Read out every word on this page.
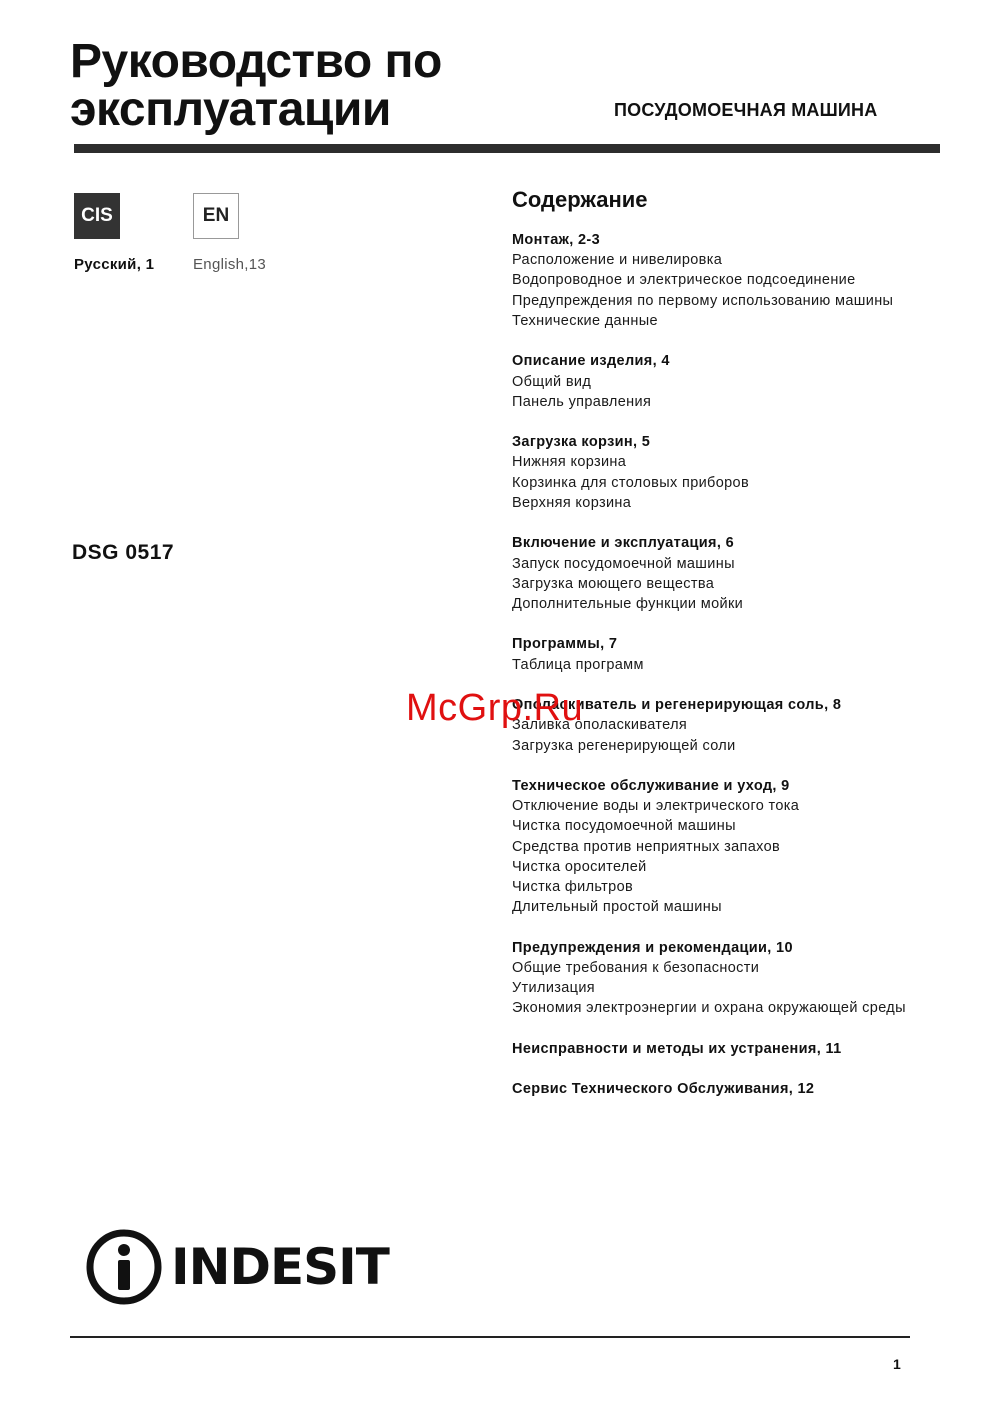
Руководство по
эксплуатации	ПОСУДОМОЕЧНАЯ МАШИНА
CIS	EN
Русский, 1	English,13
DSG 0517
Содержание
Монтаж, 2-3
Расположение и нивелировка
Водопроводное и электрическое подсоединение
Предупреждения по первому использованию машины
Технические данные
Описание изделия, 4
Общий вид
Панель управления
Загрузка корзин, 5
Нижняя корзина
Корзинка для столовых приборов
Верхняя корзина
Включение и эксплуатация, 6
Запуск посудомоечной машины
Загрузка моющего вещества
Дополнительные функции мойки
Программы, 7
Таблица программ
Ополаскиватель и регенерирующая соль, 8
Заливка ополаскивателя
Загрузка регенерирующей соли
Техническое обслуживание и уход, 9
Отключение воды и электрического тока
Чистка посудомоечной машины
Средства против неприятных запахов
Чистка оросителей
Чистка фильтров
Длительный простой машины
Предупреждения и рекомендации, 10
Общие требования к безопасности
Утилизация
Экономия электроэнергии и охрана окружающей среды
Неисправности и методы их устранения, 11
Сервис Технического Обслуживания, 12
McGrp.Ru
INDESIT
1
